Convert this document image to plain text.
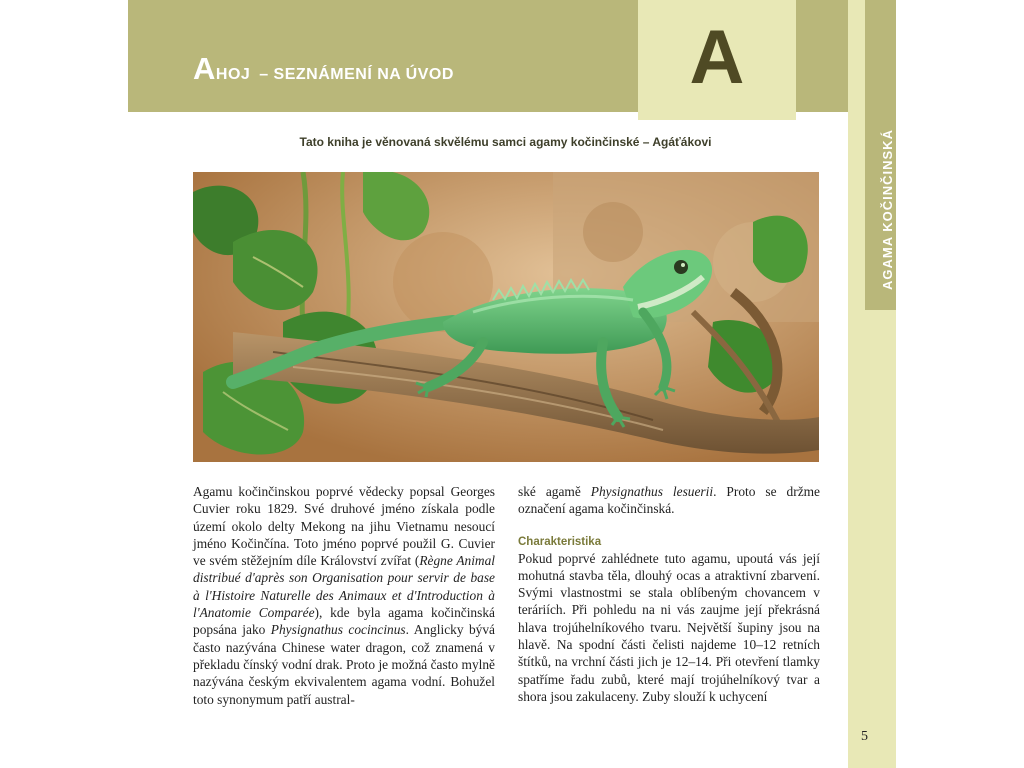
AHOJ – SEZNÁMENÍ NA ÚVOD	A
AGAMA KOČINČINSKÁ

Tato kniha je věnovaná skvělému samci agamy kočinčinské – Agáťákovi

Agamu kočinčinskou poprvé vědecky popsal Georges Cuvier roku 1829. Své druhové jméno získala podle území okolo delty Mekong na jihu Vietnamu nesoucí jméno Kočinčína. Toto jméno poprvé použil G. Cuvier ve svém stěžejním díle Království zvířat (Règne Animal distribué d'après son Organisation pour servir de base à l'Histoire Naturelle des Animaux et d'Introduction à l'Anatomie Comparée), kde byla agama kočinčinská popsána jako Physignathus cocincinus. Anglicky bývá často nazývána Chinese water dragon, což znamená v překladu čínský vodní drak. Proto je možná často mylně nazývána českým ekvivalentem agama vodní. Bohužel toto synonymum patří austral-

ské agamě Physignathus lesuerii. Proto se držme označení agama kočinčinská.

Charakteristika

Pokud poprvé zahlédnete tuto agamu, upoutá vás její mohutná stavba těla, dlouhý ocas a atraktivní zbarvení. Svými vlastnostmi se stala oblíbeným chovancem v teráriích. Při pohledu na ni vás zaujme její překrásná hlava trojúhelníkového tvaru. Největší šupiny jsou na hlavě. Na spodní části čelisti najdeme 10–12 retních štítků, na vrchní části jich je 12–14. Při otevření tlamky spatříme řadu zubů, které mají trojúhelníkový tvar a shora jsou zakulaceny. Zuby slouží k uchycení

5
